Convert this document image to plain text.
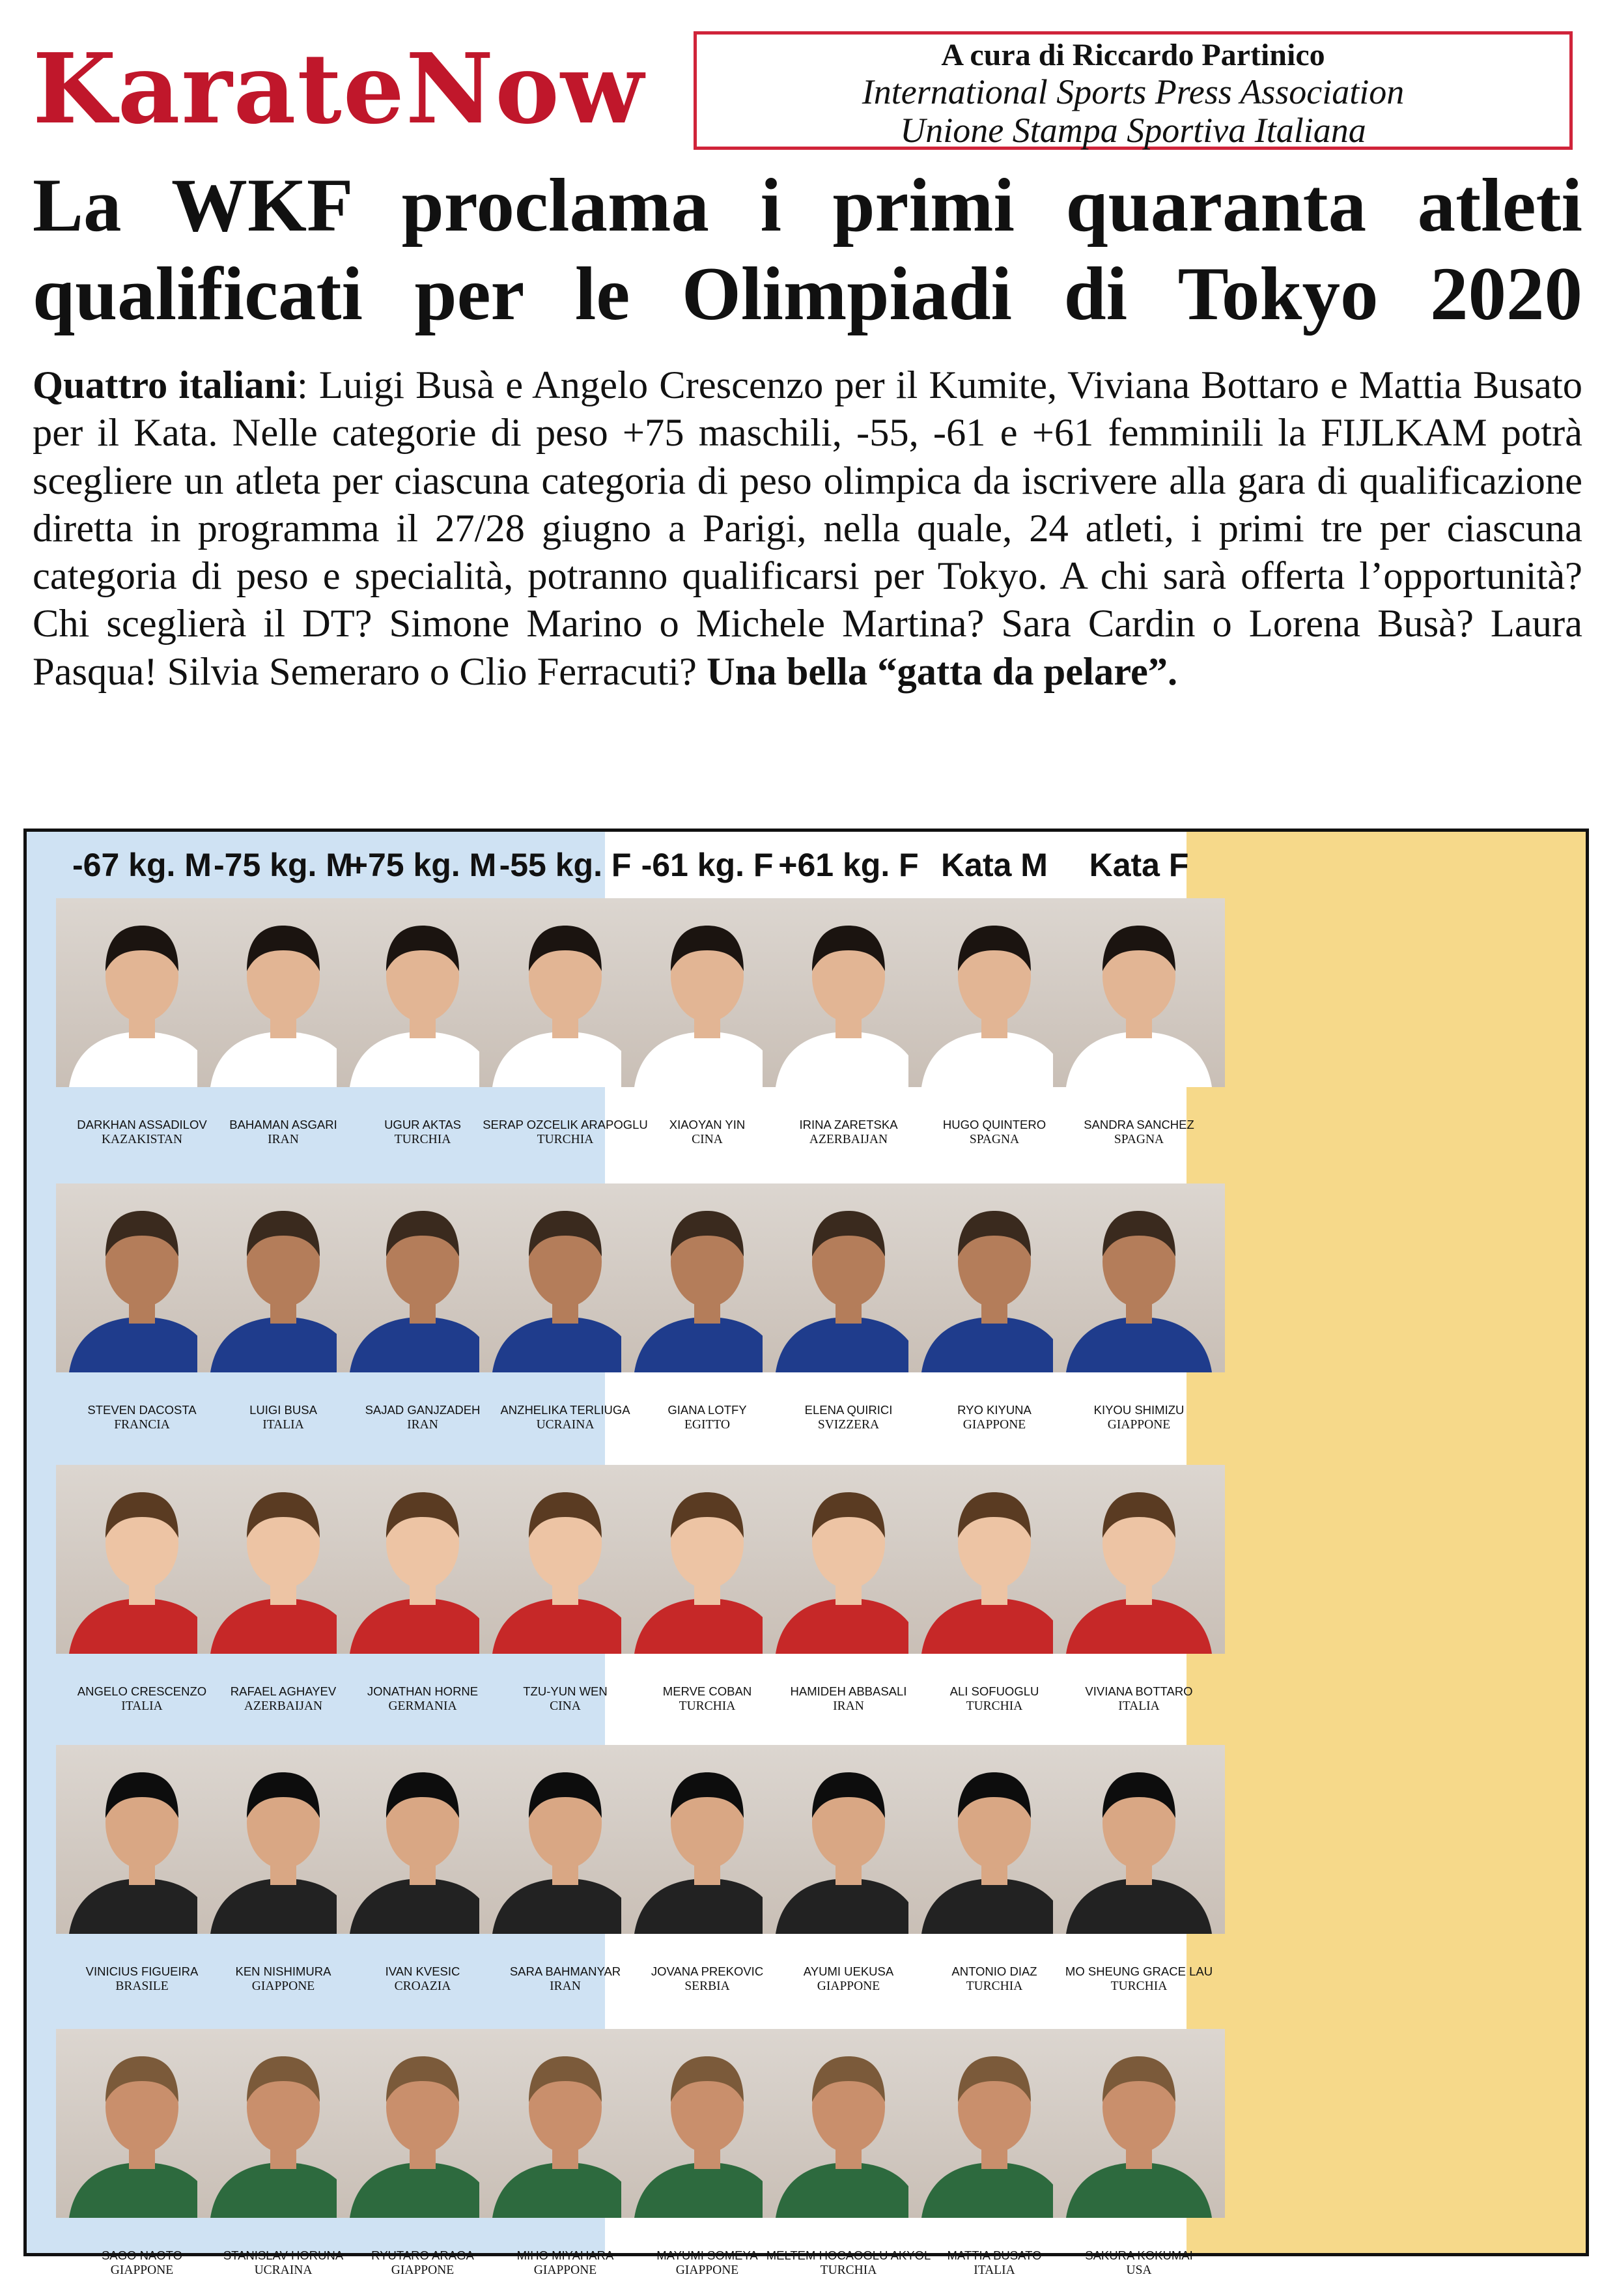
KarateNow	A cura di Riccardo Partinico
International Sports Press Association
Unione Stampa Sportiva Italiana
La WKF proclama i primi quaranta atleti qualificati per le Olimpiadi di Tokyo 2020

Quattro italiani: Luigi Busà e Angelo Crescenzo per il Kumite, Viviana Bottaro e Mattia Busato per il Kata. Nelle categorie di peso +75 maschili, -55, -61 e +61 femminili la FIJLKAM potrà scegliere un atleta per ciascuna categoria di peso olimpica da iscrivere alla gara di qualificazione diretta in programma il 27/28 giugno a Parigi, nella quale, 24 atleti, i primi tre per ciascuna categoria di peso e specialità, potranno qualificarsi per Tokyo. A chi sarà offerta l’opportunità? Chi sceglierà il DT? Simone Marino o Michele Martina? Sara Cardin o Lorena Busà? Laura Pasqua! Silvia Semeraro o Clio Ferracuti? Una bella “gatta da pelare”.

-67 kg. M
DARKHAN ASSADILOV
KAZAKISTAN
STEVEN DACOSTA
FRANCIA
ANGELO CRESCENZO
ITALIA
VINICIUS FIGUEIRA
BRASILE
SAGO NAOTO
GIAPPONE
-75 kg. M
BAHAMAN ASGARI
IRAN
LUIGI BUSA
ITALIA
RAFAEL AGHAYEV
AZERBAIJAN
KEN NISHIMURA
GIAPPONE
STANISLAV HORUNA
UCRAINA
+75 kg. M
UGUR AKTAS
TURCHIA
SAJAD GANJZADEH
IRAN
JONATHAN HORNE
GERMANIA
IVAN KVESIC
CROAZIA
RYUTARO ARAGA
GIAPPONE
-55 kg. F
SERAP OZCELIK ARAPOGLU
TURCHIA
ANZHELIKA TERLIUGA
UCRAINA
TZU-YUN WEN
CINA
SARA BAHMANYAR
IRAN
MIHO MIYAHARA
GIAPPONE
-61 kg. F
XIAOYAN YIN
CINA
GIANA LOTFY
EGITTO
MERVE COBAN
TURCHIA
JOVANA PREKOVIC
SERBIA
MAYUMI SOMEYA
GIAPPONE
+61 kg. F
IRINA ZARETSKA
AZERBAIJAN
ELENA QUIRICI
SVIZZERA
HAMIDEH ABBASALI
IRAN
AYUMI UEKUSA
GIAPPONE
MELTEM HOCAOGLU AKYOL
TURCHIA
Kata M
HUGO QUINTERO
SPAGNA
RYO KIYUNA
GIAPPONE
ALI SOFUOGLU
TURCHIA
ANTONIO DIAZ
TURCHIA
MATTIA BUSATO
ITALIA
Kata F
SANDRA SANCHEZ
SPAGNA
KIYOU SHIMIZU
GIAPPONE
VIVIANA BOTTARO
ITALIA
MO SHEUNG GRACE LAU
TURCHIA
SAKURA KOKUMAI
USA
